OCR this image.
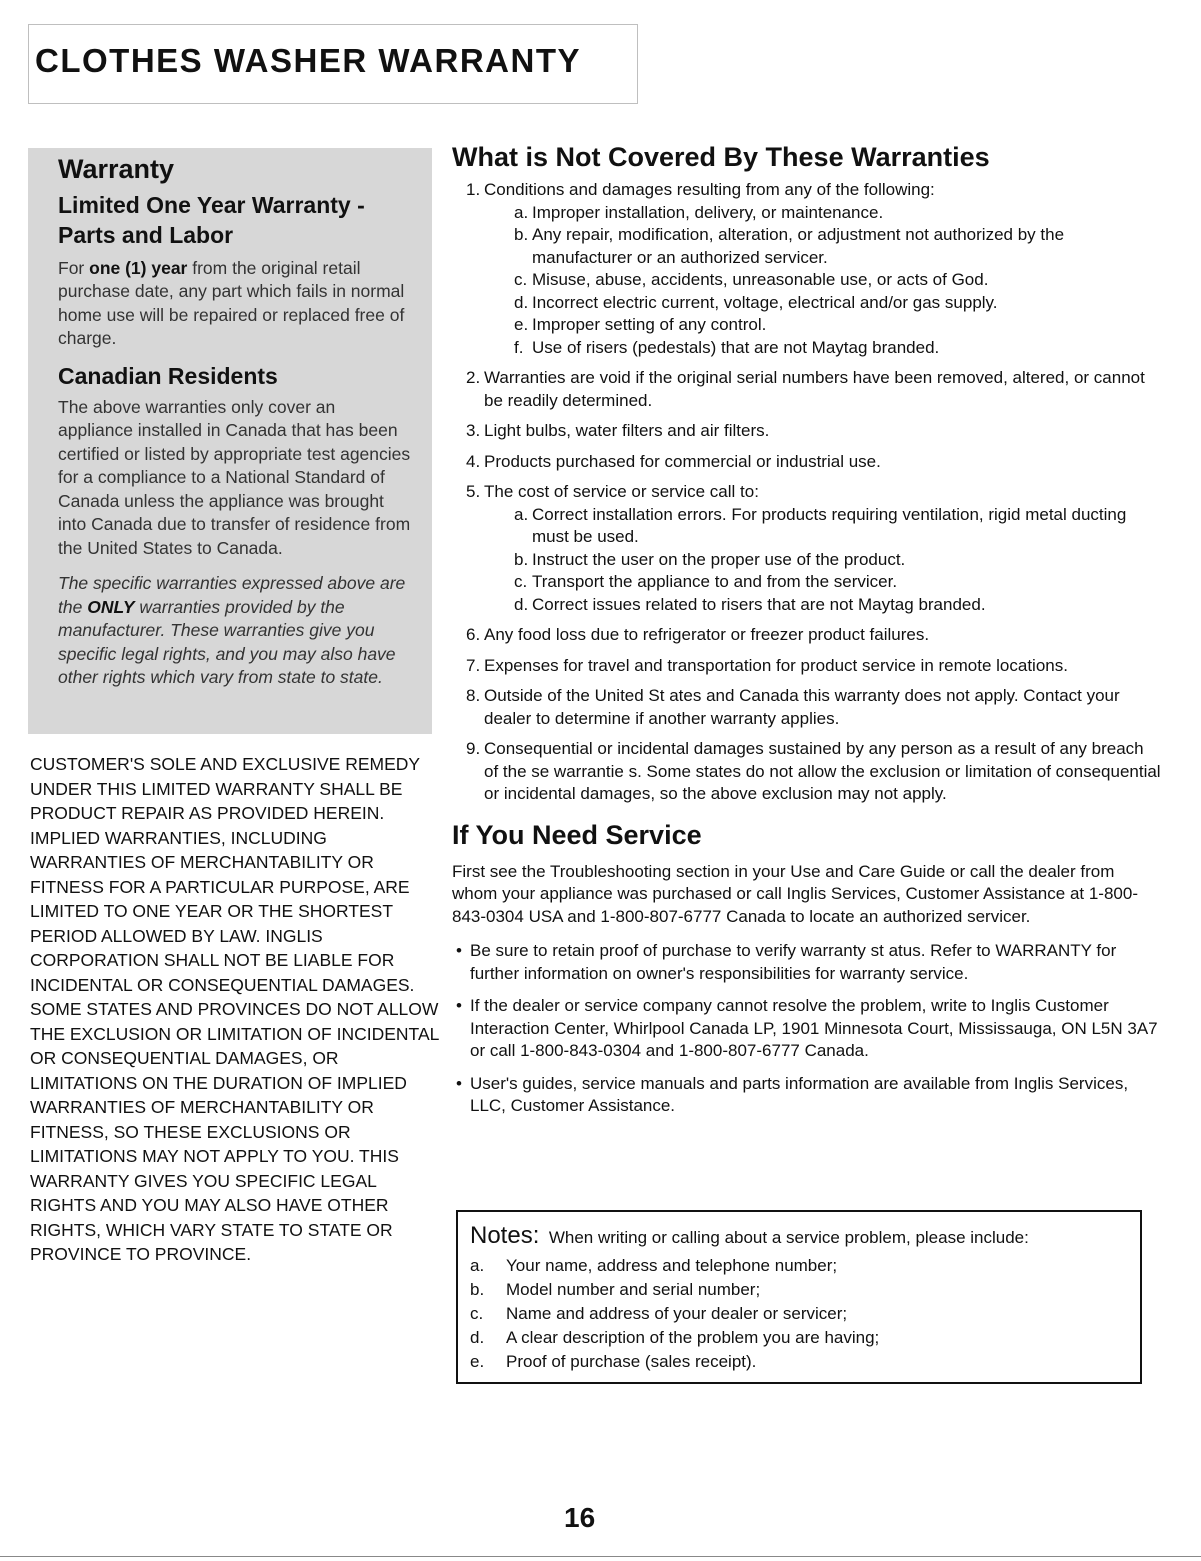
CLOTHES WASHER WARRANTY
Warranty
Limited One Year Warranty - Parts and Labor

For one (1) year from the original retail purchase date, any part which fails in normal home use will be repaired or replaced free of charge.

Canadian Residents

The above warranties only cover an appliance installed in Canada that has been certified or listed by appropriate test agencies for a compliance to a National Standard of Canada unless the appliance was brought into Canada due to transfer of residence from the United States to Canada.

The specific warranties expressed above are the ONLY warranties provided by the manufacturer. These warranties give you specific legal rights, and you may also have other rights which vary from state to state.

CUSTOMER'S SOLE AND EXCLUSIVE REMEDY UNDER THIS LIMITED WARRANTY SHALL BE PRODUCT REPAIR AS PROVIDED HEREIN. IMPLIED WARRANTIES, INCLUDING WARRANTIES OF MERCHANTABILITY OR FITNESS FOR A PARTICULAR PURPOSE, ARE LIMITED TO ONE YEAR OR THE SHORTEST PERIOD ALLOWED BY LAW. INGLIS CORPORATION SHALL NOT BE LIABLE FOR INCIDENTAL OR CONSEQUENTIAL DAMAGES. SOME STATES AND PROVINCES DO NOT ALLOW THE EXCLUSION OR LIMITATION OF INCIDENTAL OR CONSEQUENTIAL DAMAGES, OR LIMITATIONS ON THE DURATION OF IMPLIED WARRANTIES OF MERCHANTABILITY OR FITNESS, SO THESE EXCLUSIONS OR LIMITATIONS MAY NOT APPLY TO YOU. THIS WARRANTY GIVES YOU SPECIFIC LEGAL RIGHTS AND YOU MAY ALSO HAVE OTHER RIGHTS, WHICH VARY STATE TO STATE OR PROVINCE TO PROVINCE.

What is Not Covered By These Warranties
1. Conditions and damages resulting from any of the following:
a. Improper installation, delivery, or maintenance.
b. Any repair, modification, alteration, or adjustment not authorized by the manufacturer or an authorized servicer.
c. Misuse, abuse, accidents, unreasonable use, or acts of God.
d. Incorrect electric current, voltage, electrical and/or gas supply.
e. Improper setting of any control.
f. Use of risers (pedestals) that are not Maytag branded.
2. Warranties are void if the original serial numbers have been removed, altered, or cannot be readily determined.
3. Light bulbs, water filters and air filters.
4. Products purchased for commercial or industrial use.
5. The cost of service or service call to:
a. Correct installation errors. For products requiring ventilation, rigid metal ducting must be used.
b. Instruct the user on the proper use of the product.
c. Transport the appliance to and from the servicer.
d. Correct issues related to risers that are not Maytag branded.
6. Any food loss due to refrigerator or freezer product failures.
7. Expenses for travel and transportation for product service in remote locations.
8. Outside of the United St ates and Canada this warranty does not apply. Contact your dealer to determine if another warranty applies.
9. Consequential or incidental damages sustained by any person as a result of any breach of the se warrantie s. Some states do not allow the exclusion or limitation of consequential or incidental damages, so the above exclusion may not apply.
If You Need Service

First see the Troubleshooting section in your Use and Care Guide or call the dealer from whom your appliance was purchased or call Inglis Services, Customer Assistance at 1-800-843-0304 USA and 1-800-807-6777 Canada to locate an authorized servicer.

• Be sure to retain proof of purchase to verify warranty st atus. Refer to WARRANTY for further information on owner's responsibilities for warranty service.
• If the dealer or service company cannot resolve the problem, write to Inglis Customer Interaction Center, Whirlpool Canada LP, 1901 Minnesota Court, Mississauga, ON L5N 3A7 or call 1-800-843-0304 and 1-800-807-6777 Canada.
• User's guides, service manuals and parts information are available from Inglis Services, LLC, Customer Assistance.

Notes: When writing or calling about a service problem, please include:

a. Your name, address and telephone number;
b. Model number and serial number;
c. Name and address of your dealer or servicer;
d. A clear description of the problem you are having;
e. Proof of purchase (sales receipt).
16
